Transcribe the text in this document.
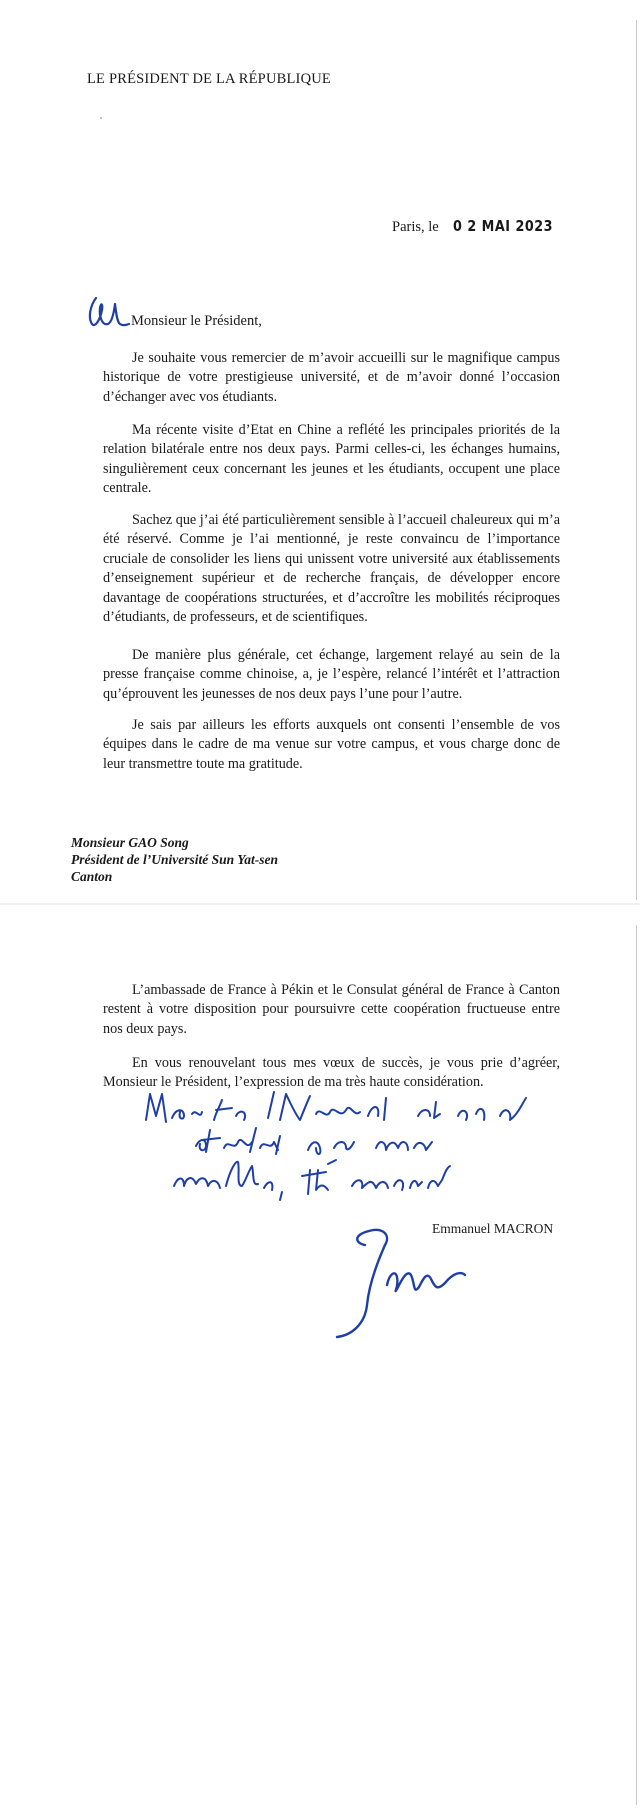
LE PRÉSIDENT DE LA RÉPUBLIQUE
Paris, le 0 2 MAI 2023
Monsieur le Président,

Je souhaite vous remercier de m’avoir accueilli sur le magnifique campus historique de votre prestigieuse université, et de m’avoir donné l’occasion d’échanger avec vos étudiants.

Ma récente visite d’Etat en Chine a reflété les principales priorités de la relation bilatérale entre nos deux pays. Parmi celles-ci, les échanges humains, singulièrement ceux concernant les jeunes et les étudiants, occupent une place centrale.

Sachez que j’ai été particulièrement sensible à l’accueil chaleureux qui m’a été réservé. Comme je l’ai mentionné, je reste convaincu de l’importance cruciale de consolider les liens qui unissent votre université aux établissements d’enseignement supérieur et de recherche français, de développer encore davantage de coopérations structurées, et d’accroître les mobilités réciproques d’étudiants, de professeurs, et de scientifiques.

De manière plus générale, cet échange, largement relayé au sein de la presse française comme chinoise, a, je l’espère, relancé l’intérêt et l’attraction qu’éprouvent les jeunesses de nos deux pays l’une pour l’autre.

Je sais par ailleurs les efforts auxquels ont consenti l’ensemble de vos équipes dans le cadre de ma venue sur votre campus, et vous charge donc de leur transmettre toute ma gratitude.

Monsieur GAO Song
Président de l’Université Sun Yat-sen
Canton

L’ambassade de France à Pékin et le Consulat général de France à Canton restent à votre disposition pour poursuivre cette coopération fructueuse entre nos deux pays.

En vous renouvelant tous mes vœux de succès, je vous prie d’agréer, Monsieur le Président, l’expression de ma très haute considération.

Emmanuel MACRON
